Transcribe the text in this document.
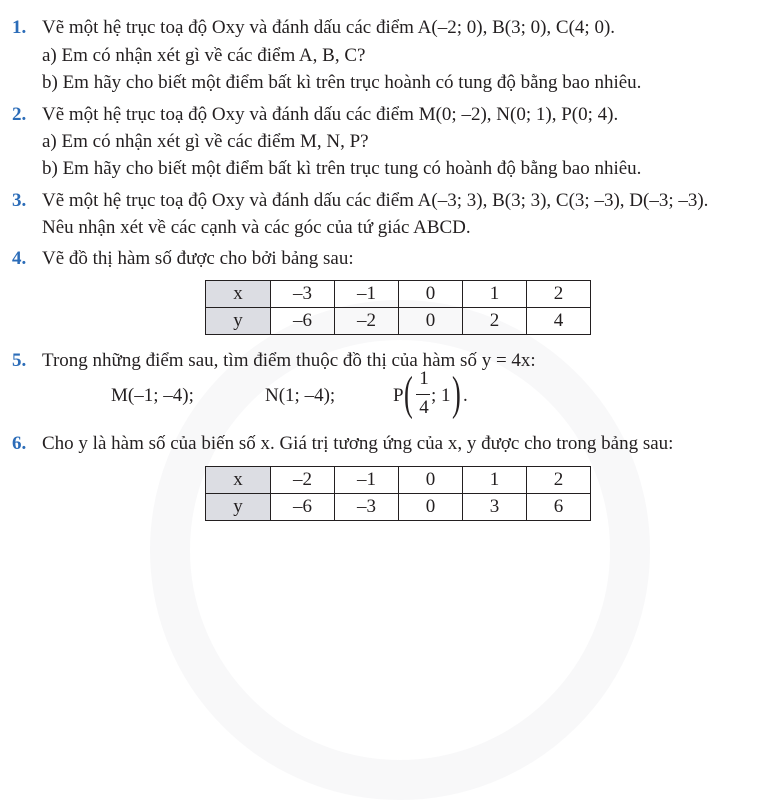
1. Vẽ một hệ trục toạ độ Oxy và đánh dấu các điểm A(–2; 0), B(3; 0), C(4; 0).
a) Em có nhận xét gì về các điểm A, B, C?
b) Em hãy cho biết một điểm bất kì trên trục hoành có tung độ bằng bao nhiêu.
2. Vẽ một hệ trục toạ độ Oxy và đánh dấu các điểm M(0; –2), N(0; 1), P(0; 4).
a) Em có nhận xét gì về các điểm M, N, P?
b) Em hãy cho biết một điểm bất kì trên trục tung có hoành độ bằng bao nhiêu.
3. Vẽ một hệ trục toạ độ Oxy và đánh dấu các điểm A(–3; 3), B(3; 3), C(3; –3), D(–3; –3).
Nêu nhận xét về các cạnh và các góc của tứ giác ABCD.
4. Vẽ đồ thị hàm số được cho bởi bảng sau:
x	–3	–1	0	1	2
y	–6	–2	0	2	4
5. Trong những điểm sau, tìm điểm thuộc đồ thị của hàm số y = 4x:
M(–1; –4);	N(1; –4);	P ( 1
4
; 1 ) .
6. Cho y là hàm số của biến số x. Giá trị tương ứng của x, y được cho trong bảng sau:
x	–2	–1	0	1	2
y	–6	–3	0	3	6
